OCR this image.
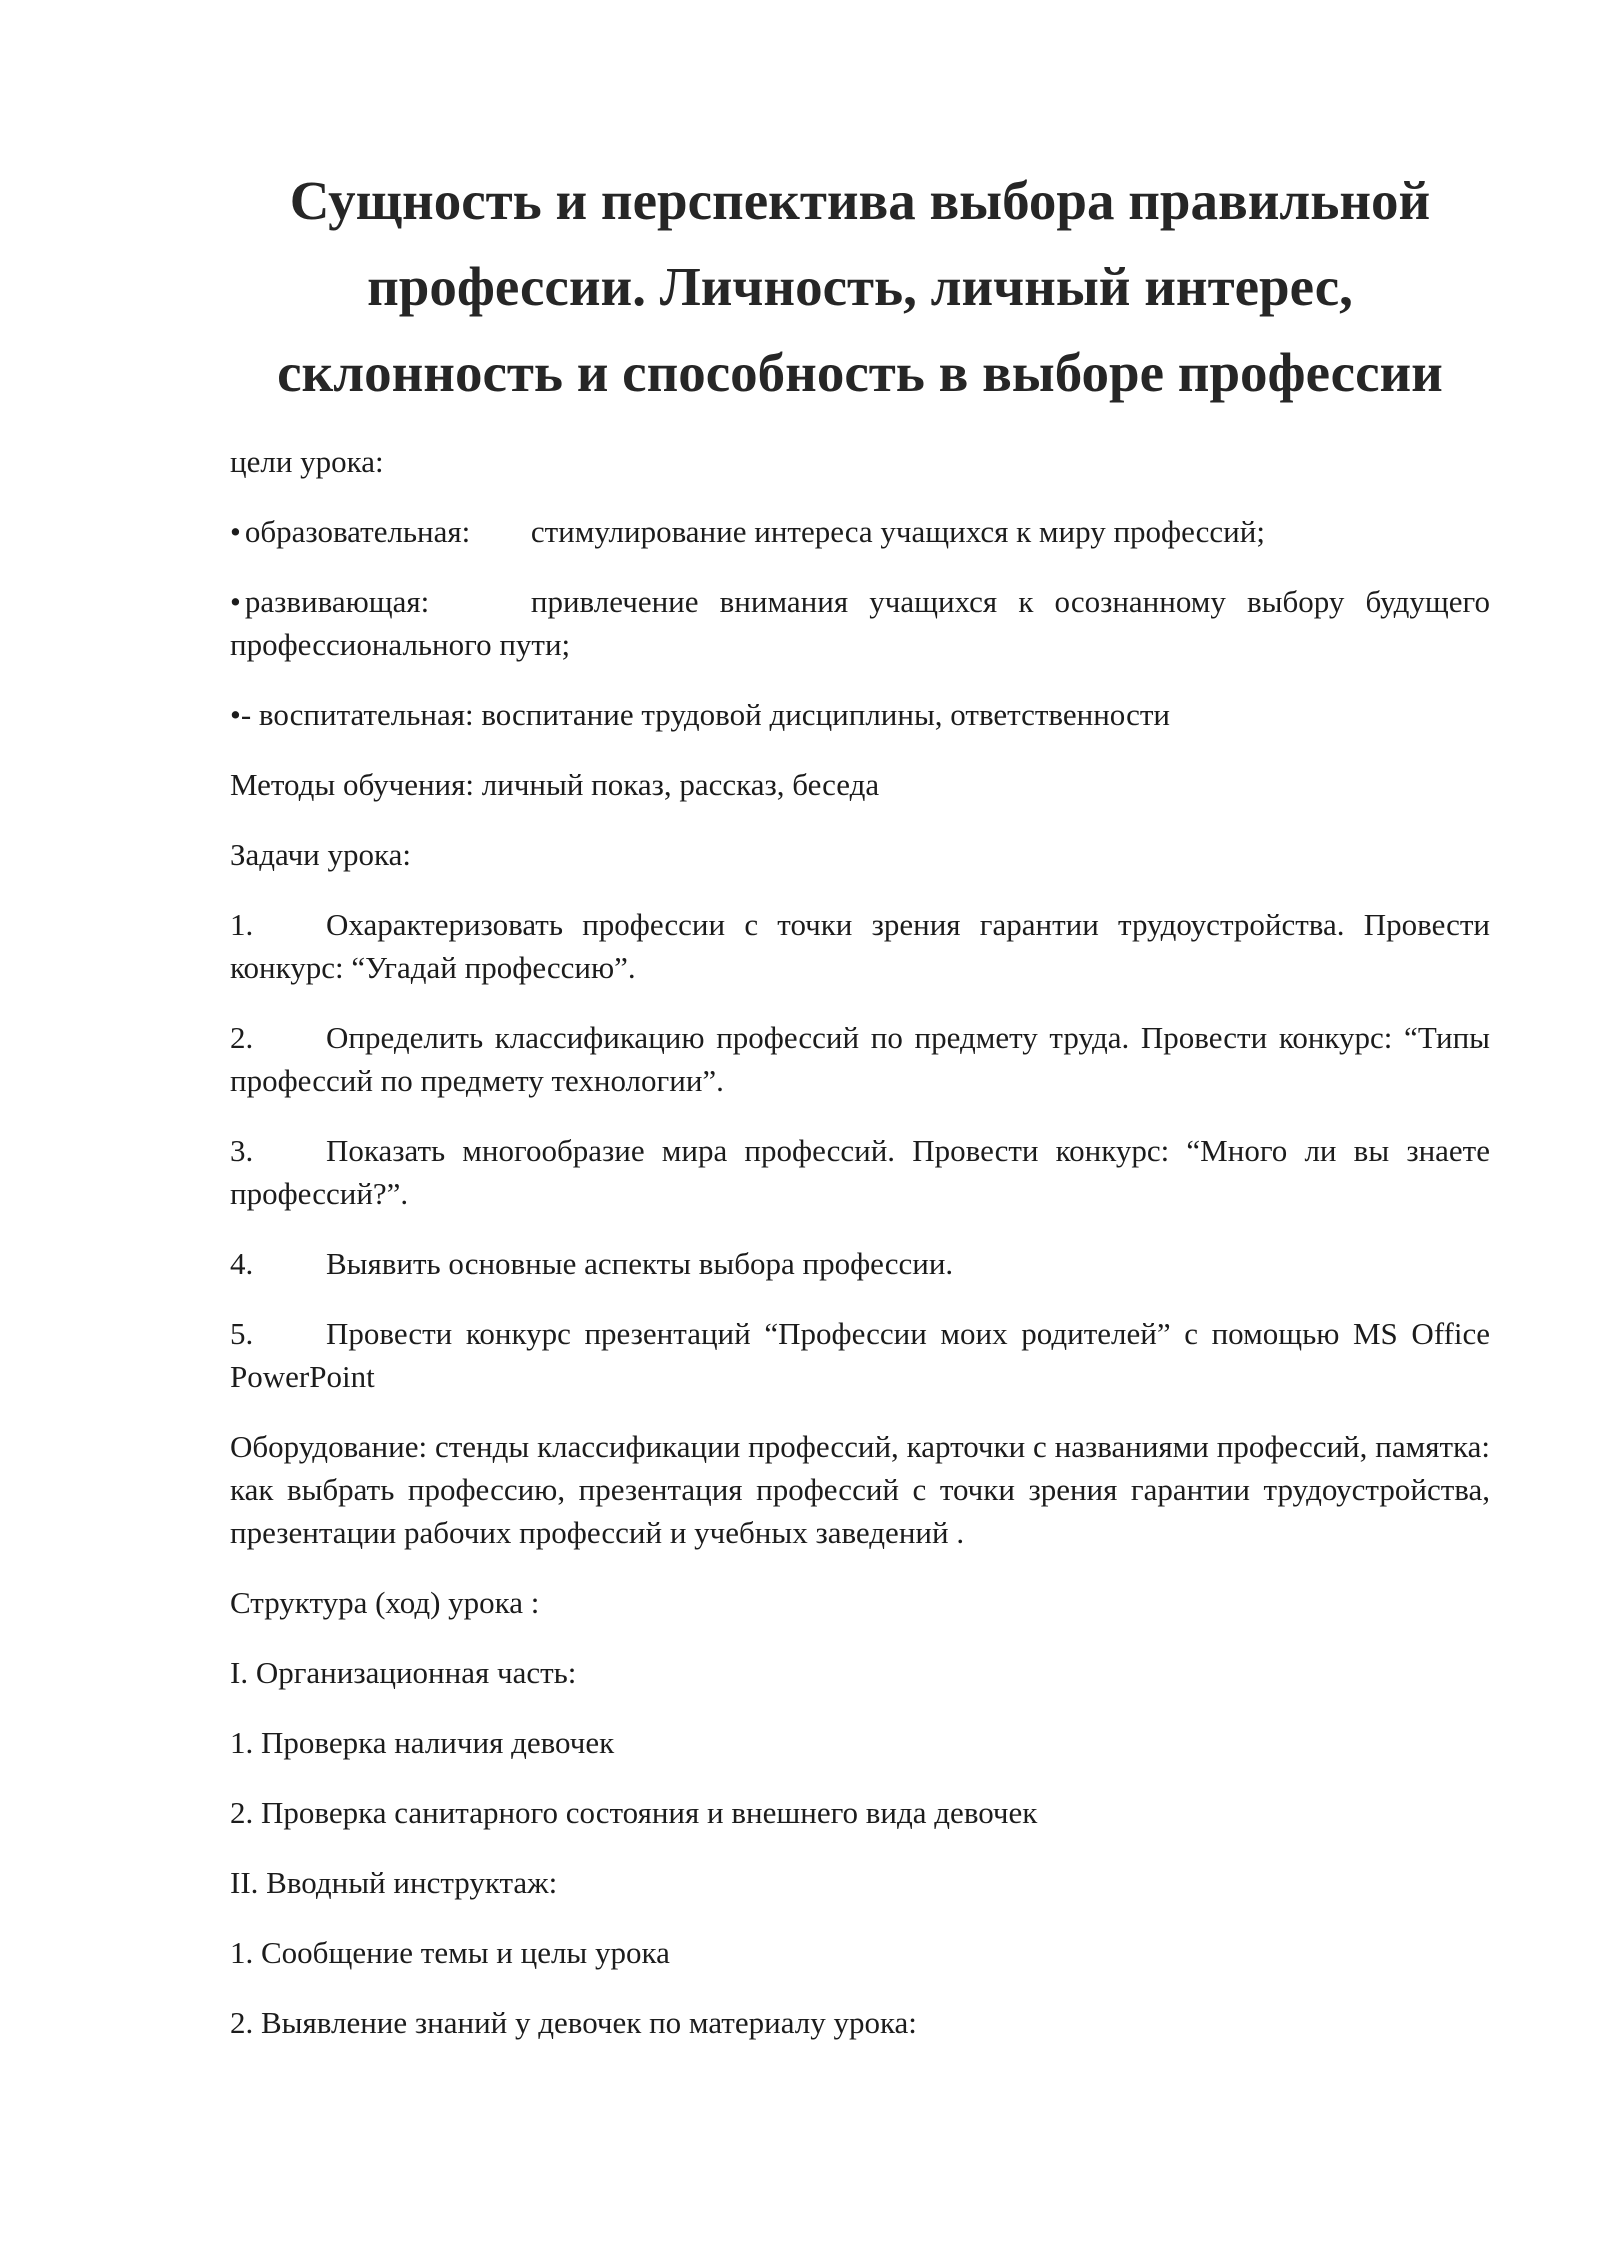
Сущность и перспектива выбора правильной профессии. Личность, личный интерес, склонность и способность в выборе профессии

цели урока:

• образовательная: стимулирование интереса учащихся к миру профессий;

• развивающая:	привлечение внимания учащихся к осознанному выбору будущего профессионального пути;

•- воспитательная: воспитание трудовой дисциплины, ответственности

Методы обучения: личный показ, рассказ, беседа

Задачи урока:

1. Охарактеризовать профессии с точки зрения гарантии трудоустройства. Провести конкурс: “Угадай профессию”.

2. Определить классификацию профессий по предмету труда. Провести конкурс: “Типы профессий по предмету технологии”.

3. Показать многообразие мира профессий. Провести конкурс: “Много ли вы знаете профессий?”.

4. Выявить основные аспекты выбора профессии.

5. Провести конкурс презентаций “Профессии моих родителей” с помощью MS Office PowerPoint

Оборудование: стенды классификации профессий, карточки с названиями профессий, памятка: как выбрать профессию, презентация профессий с точки зрения гарантии трудоустройства, презентации рабочих профессий и учебных заведений .

Структура (ход) урока :

I. Организационная часть:

1. Проверка наличия девочек

2. Проверка санитарного состояния и внешнего вида девочек

II. Вводный инструктаж:

1. Сообщение темы и целы урока

2. Выявление знаний у девочек по материалу урока:
